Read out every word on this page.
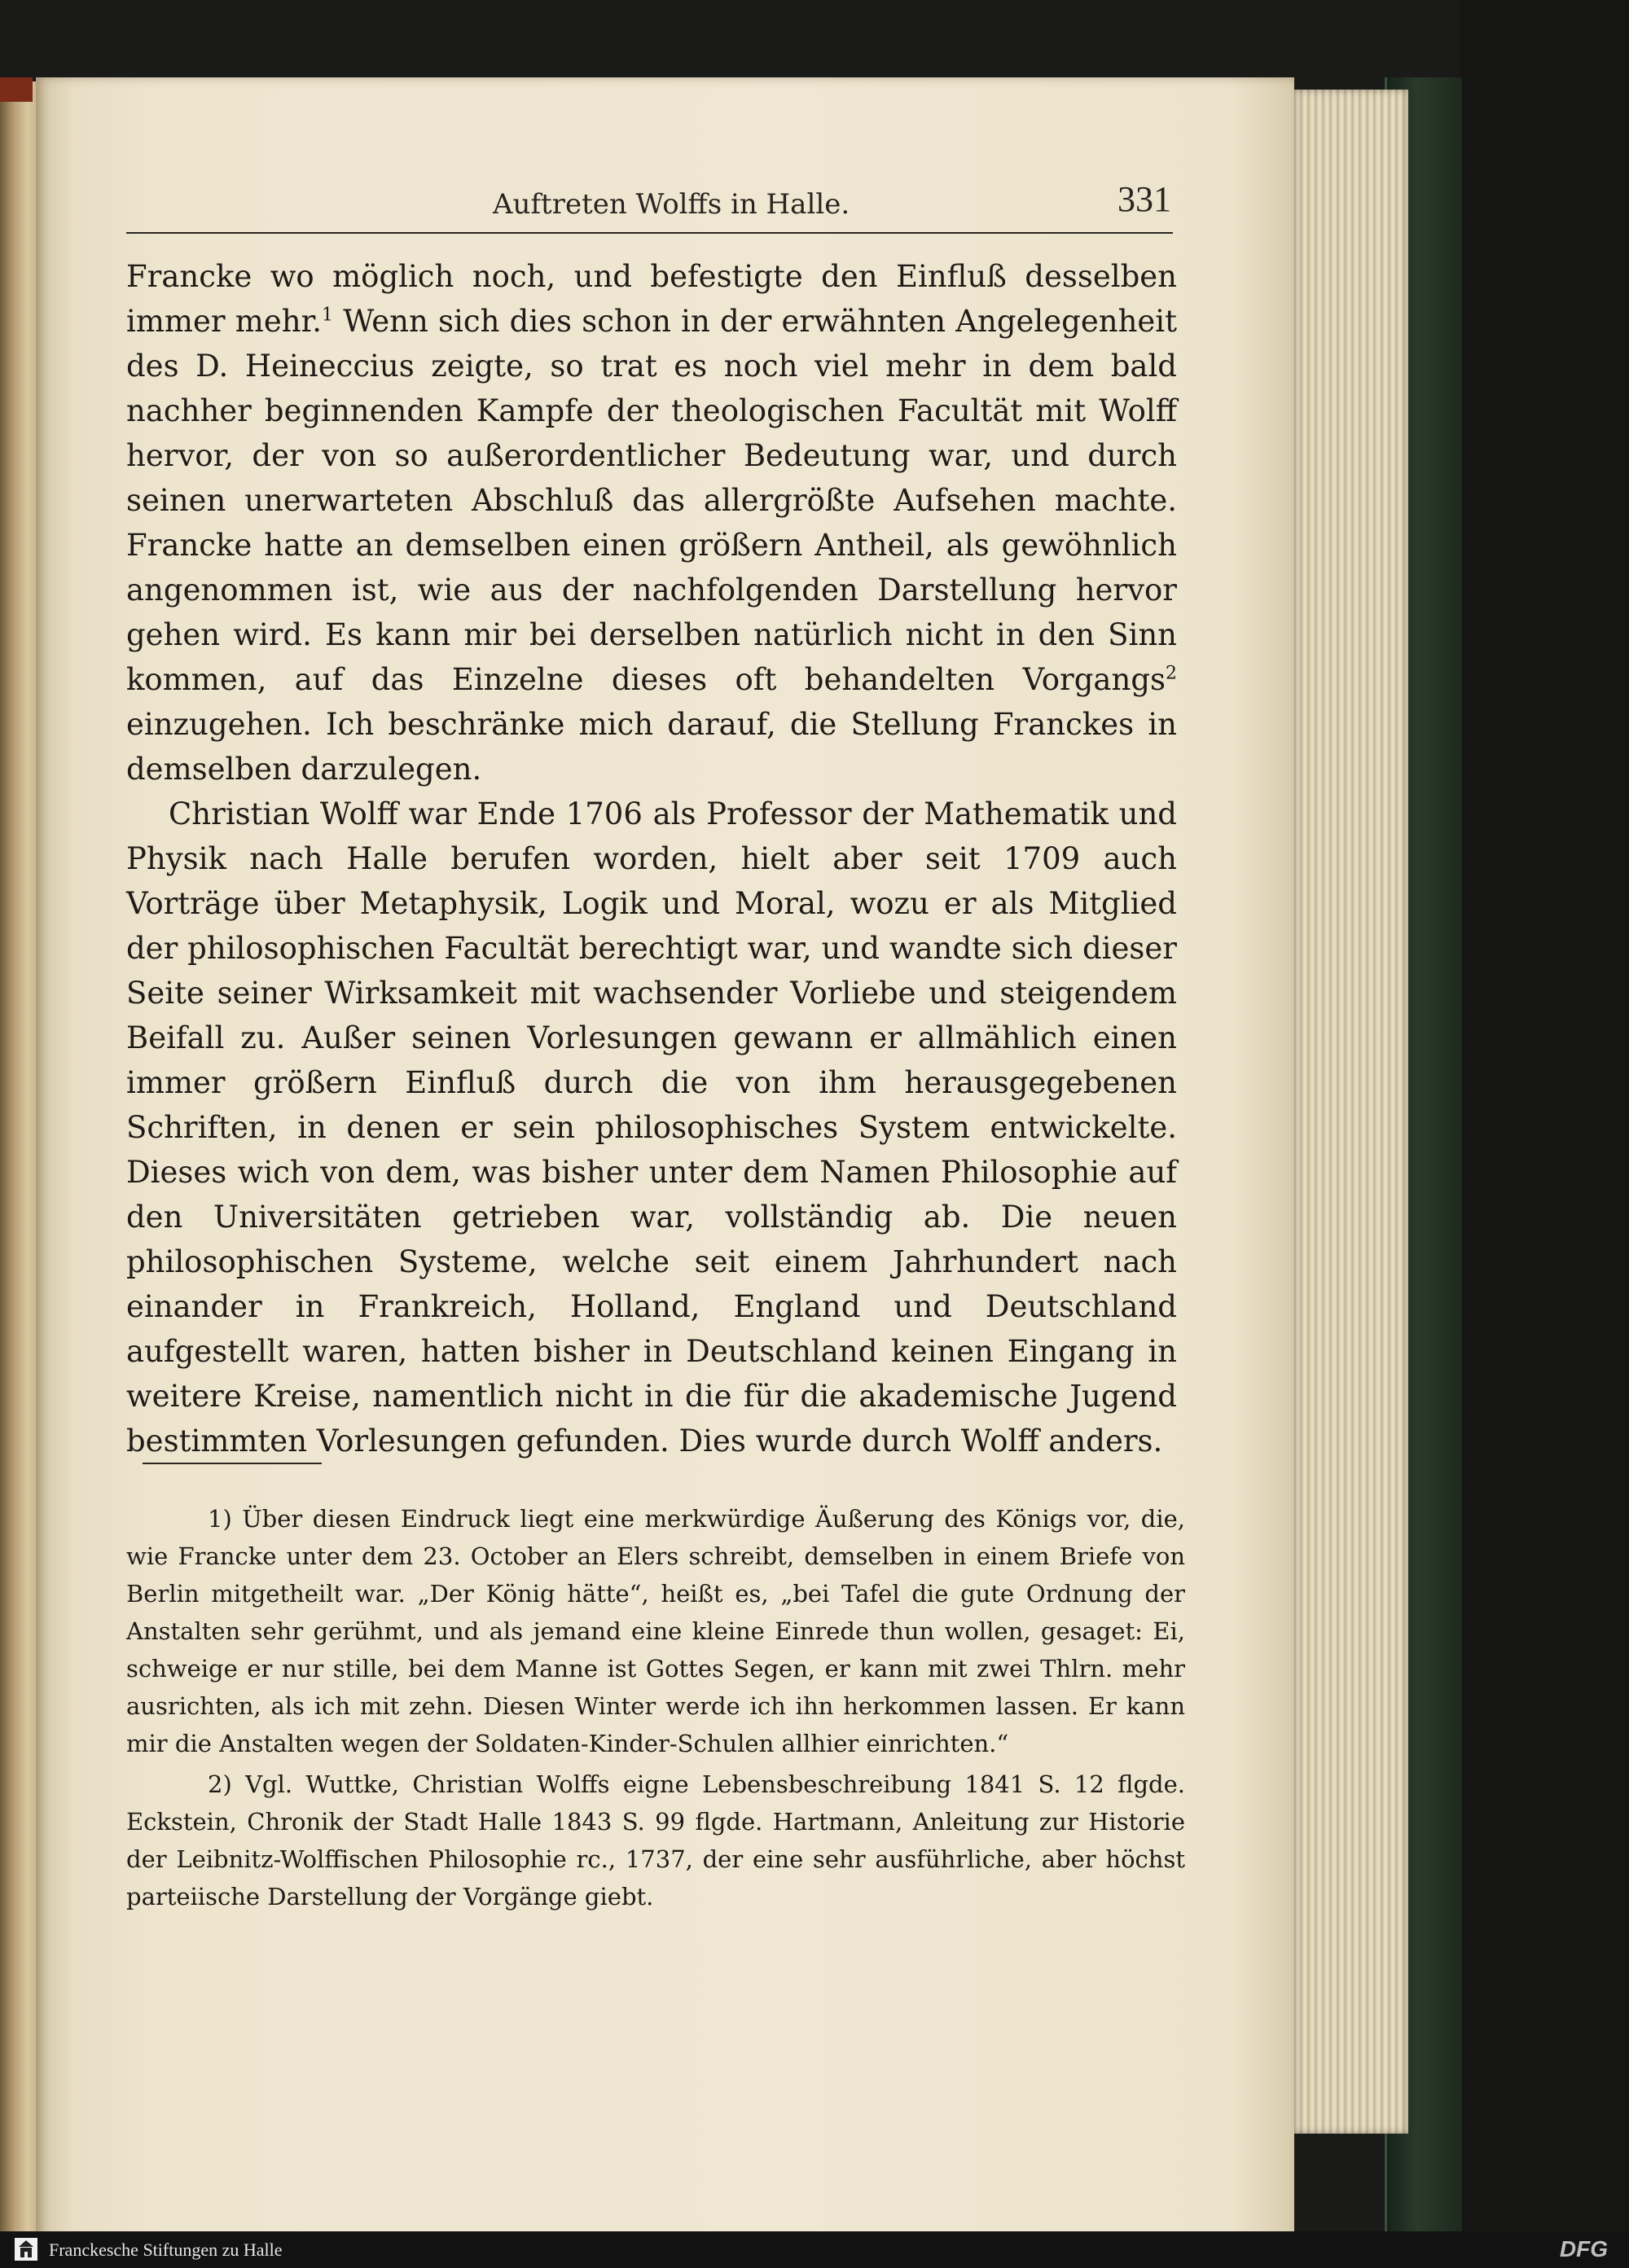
Auftreten Wolffs in Halle.	331

Francke wo möglich noch, und befestigte den Einfluß desselben immer mehr.$^1$ Wenn sich dies schon in der erwähnten Angelegenheit des D. Heineccius zeigte, so trat es noch viel mehr in dem bald nachher beginnenden Kampfe der theologischen Facultät mit Wolff hervor, der von so außerordentlicher Bedeutung war, und durch seinen unerwarteten Abschluß das allergrößte Aufsehen machte. Francke hatte an demselben einen größern Antheil, als gewöhnlich angenommen ist, wie aus der nachfolgenden Darstellung hervor gehen wird. Es kann mir bei derselben natürlich nicht in den Sinn kommen, auf das Einzelne dieses oft behandelten Vorgangs$^2$ einzugehen. Ich beschränke mich darauf, die Stellung Franckes in demselben darzulegen.

Christian Wolff war Ende 1706 als Professor der Mathematik und Physik nach Halle berufen worden, hielt aber seit 1709 auch Vorträge über Metaphysik, Logik und Moral, wozu er als Mitglied der philosophischen Facultät berechtigt war, und wandte sich dieser Seite seiner Wirksamkeit mit wachsender Vorliebe und steigendem Beifall zu. Außer seinen Vorlesungen gewann er allmählich einen immer größern Einfluß durch die von ihm herausgegebenen Schriften, in denen er sein philosophisches System entwickelte. Dieses wich von dem, was bisher unter dem Namen Philosophie auf den Universitäten getrieben war, vollständig ab. Die neuen philosophischen Systeme, welche seit einem Jahrhundert nach einander in Frankreich, Holland, England und Deutschland aufgestellt waren, hatten bisher in Deutschland keinen Eingang in weitere Kreise, namentlich nicht in die für die akademische Jugend bestimmten Vorlesungen gefunden. Dies wurde durch Wolff anders.

1) Über diesen Eindruck liegt eine merkwürdige Äußerung des Königs vor, die, wie Francke unter dem 23. October an Elers schreibt, demselben in einem Briefe von Berlin mitgetheilt war. „Der König hätte“, heißt es, „bei Tafel die gute Ordnung der Anstalten sehr gerühmt, und als jemand eine kleine Einrede thun wollen, gesaget: Ei, schweige er nur stille, bei dem Manne ist Gottes Segen, er kann mit zwei Thlrn. mehr ausrichten, als ich mit zehn. Diesen Winter werde ich ihn herkommen lassen. Er kann mir die Anstalten wegen der Soldaten-Kinder-Schulen allhier einrichten.“

2) Vgl. Wuttke, Christian Wolffs eigne Lebensbeschreibung 1841 S. 12 flgde. Eckstein, Chronik der Stadt Halle 1843 S. 99 flgde. Hartmann, Anleitung zur Historie der Leibnitz-Wolffischen Philosophie rc., 1737, der eine sehr ausführliche, aber höchst parteiische Darstellung der Vorgänge giebt.

Franckesche Stiftungen zu Halle	DFG
